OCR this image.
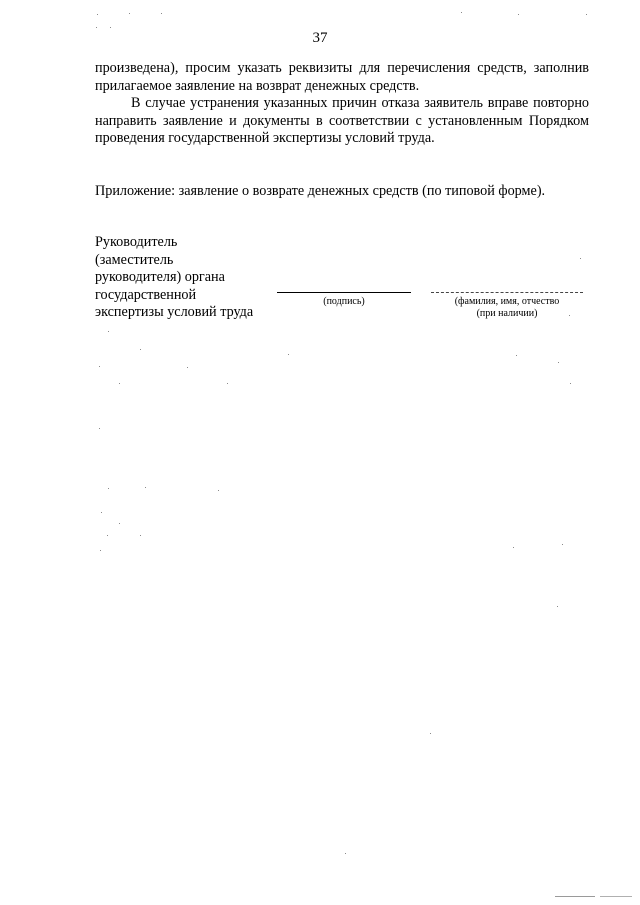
37

произведена), просим указать реквизиты для перечисления средств, заполнив прилагаемое заявление на возврат денежных средств.

В случае устранения указанных причин отказа заявитель вправе повторно направить заявление и документы в соответствии с установленным Порядком проведения государственной экспертизы условий труда.

Приложение: заявление о возврате денежных средств (по типовой форме).
Руководитель
(заместитель
руководителя) органа
государственной
экспертизы условий труда
(подпись)	(фамилия, имя, отчество
(при наличии)
